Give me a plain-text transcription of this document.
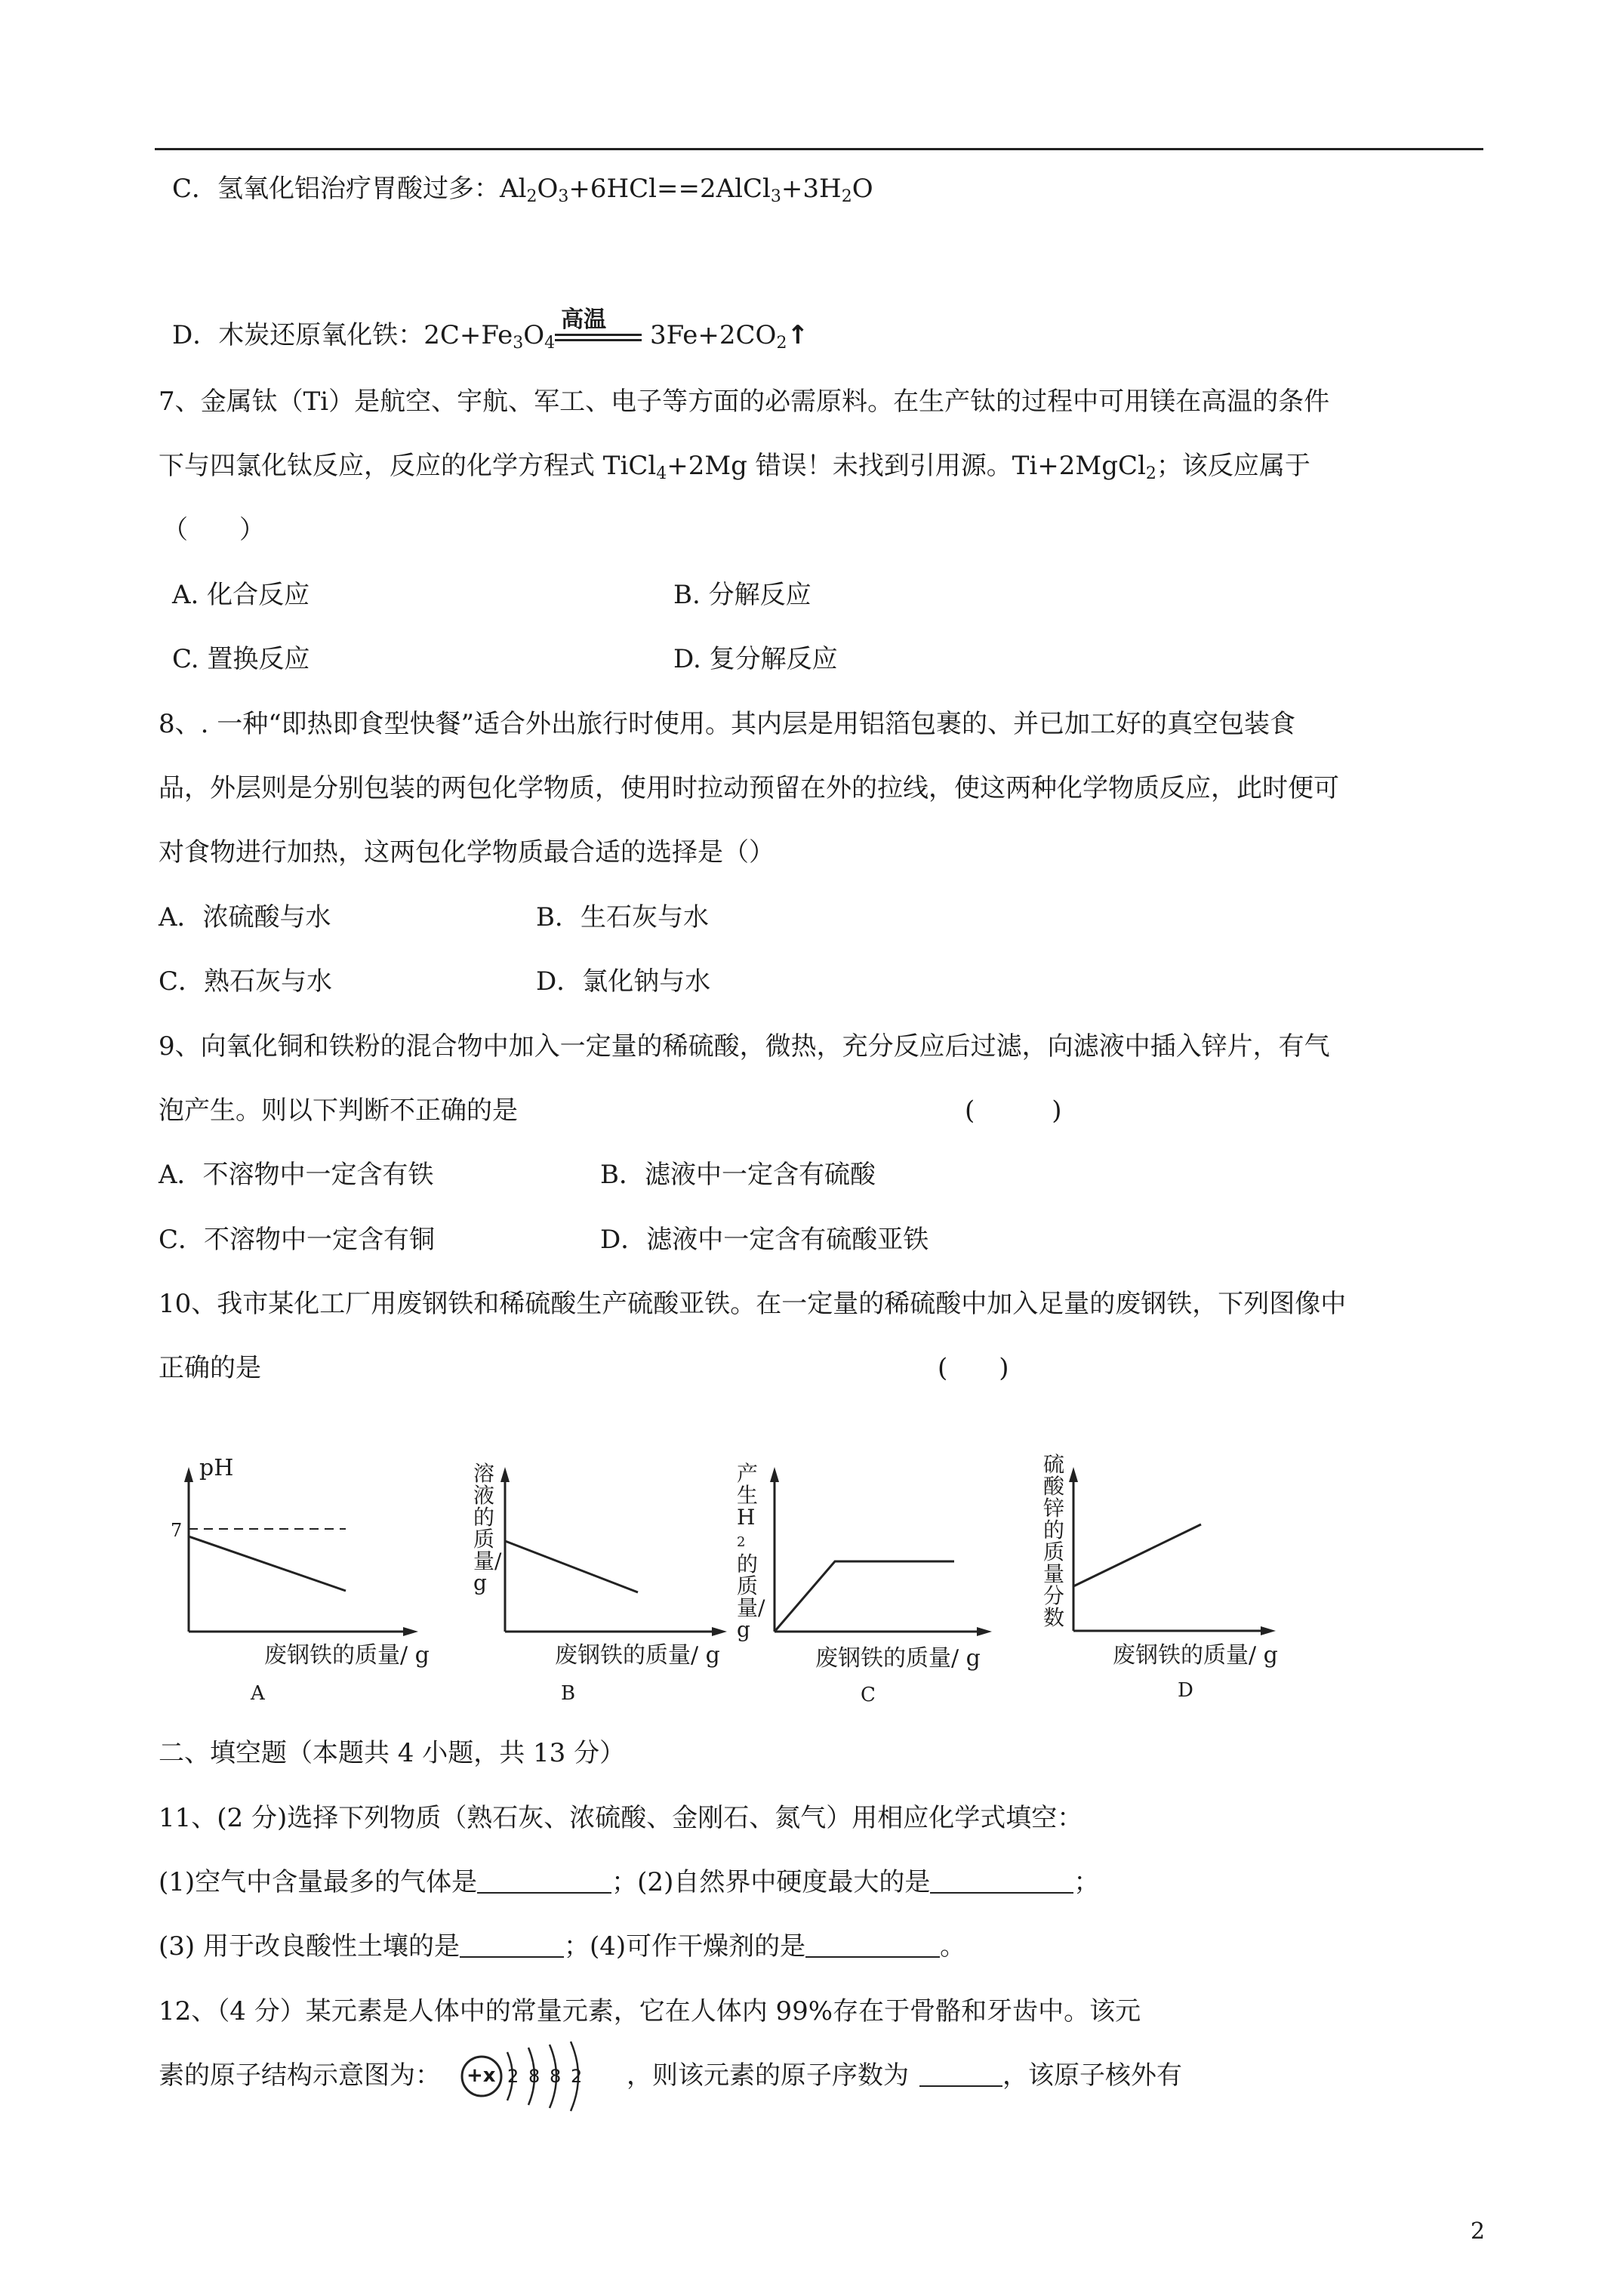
C．氢氧化铝治疗胃酸过多：$Al_2O_3+6HCl==2AlCl_3+3H_2O$
D．木炭还原氧化铁：$2C+Fe_3O_4$
高温
$3Fe+2CO_2↑$
7、金属钛（Ti）是航空、宇航、军工、电子等方面的必需原料。在生产钛的过程中可用镁在高温的条件
下与四氯化钛反应，反应的化学方程式 TiCl$_4$+2Mg 错误！未找到引用源。Ti+2MgCl$_2$；该反应属于
（　　）
A. 化合反应	B. 分解反应
C. 置换反应	D. 复分解反应
8、. 一种“即热即食型快餐”适合外出旅行时使用。其内层是用铝箔包裹的、并已加工好的真空包装食
品，外层则是分别包装的两包化学物质，使用时拉动预留在外的拉线，使这两种化学物质反应，此时便可
对食物进行加热，这两包化学物质最合适的选择是（）
A．浓硫酸与水	B．生石灰与水
C．熟石灰与水	D．氯化钠与水
9、向氧化铜和铁粉的混合物中加入一定量的稀硫酸，微热，充分反应后过滤，向滤液中插入锌片，有气
泡产生。则以下判断不正确的是	(　　　)
A．不溶物中一定含有铁	B．滤液中一定含有硫酸
C．不溶物中一定含有铜	D．滤液中一定含有硫酸亚铁
10、我市某化工厂用废钢铁和稀硫酸生产硫酸亚铁。在一定量的稀硫酸中加入足量的废钢铁，下列图像中
正确的是	(　　)
pH
7
废钢铁的质量/ g
A
溶液的质量/g
废钢铁的质量/ g
B
产生H2的质量/g
废钢铁的质量/ g
C
硫酸锌的质量分数
废钢铁的质量/ g
D
二、填空题（本题共 4 小题，共 13 分）
11、(2 分)选择下列物质（熟石灰、浓硫酸、金刚石、氮气）用相应化学式填空：
(1)空气中含量最多的气体是	；(2)自然界中硬度最大的是	；
(3) 用于改良酸性土壤的是	；(4)可作干燥剂的是	。
12、（4 分）某元素是人体中的常量元素，它在人体内 99%存在于骨骼和牙齿中。该元
素的原子结构示意图为： +x 2 8 8 2 ，则该元素的原子序数为	，该原子核外有
2
